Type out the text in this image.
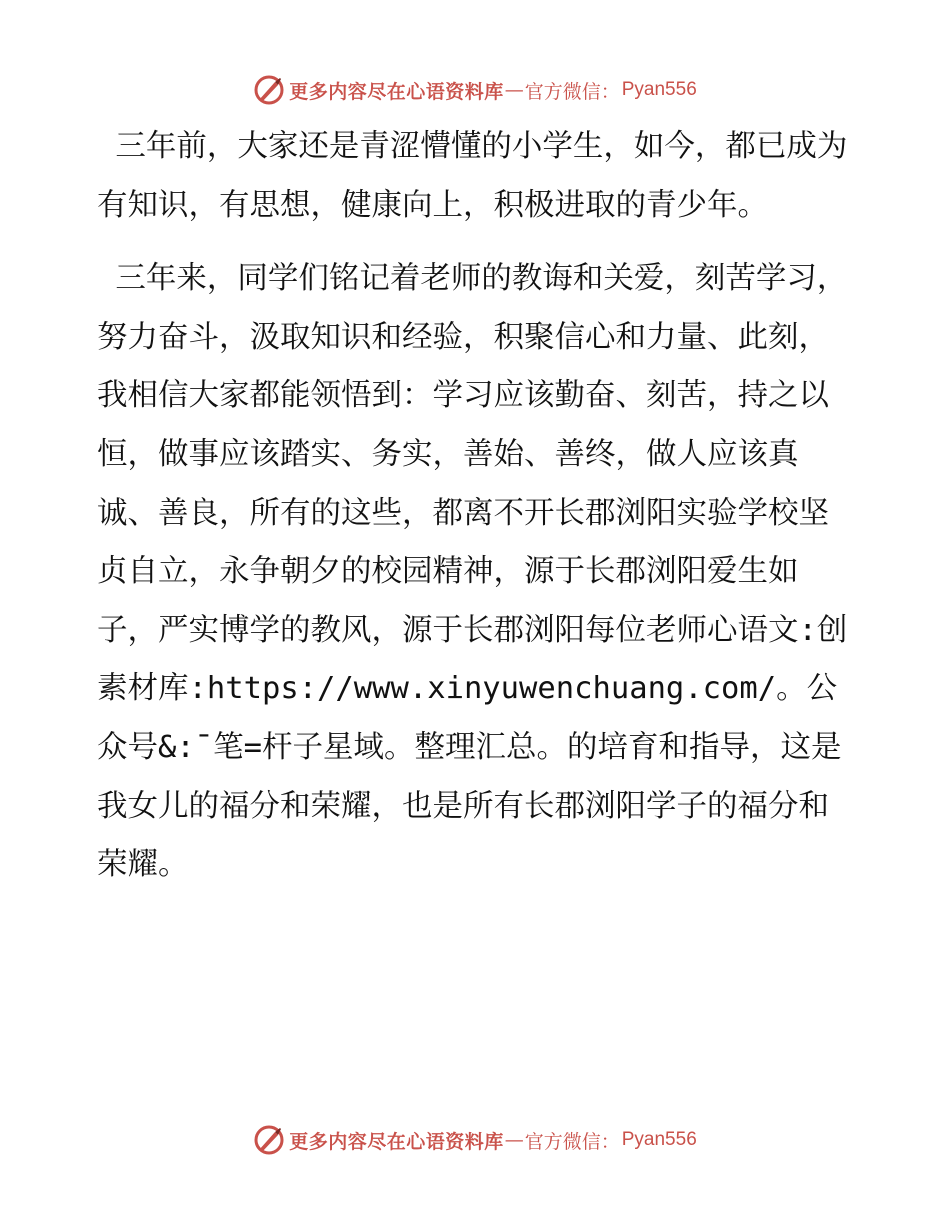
更多内容尽在心语资料库 — 官方微信： Pyan556

三年前，大家还是青涩懵懂的小学生，如今，都已成为有知识，有思想，健康向上，积极进取的青少年。

三年来，同学们铭记着老师的教诲和关爱，刻苦学习，努力奋斗，汲取知识和经验，积聚信心和力量、此刻，我相信大家都能领悟到：学习应该勤奋、刻苦，持之以恒，做事应该踏实、务实，善始、善终，做人应该真诚、善良，所有的这些，都离不开长郡浏阳实验学校坚贞自立，永争朝夕的校园精神，源于长郡浏阳爱生如子，严实博学的教风，源于长郡浏阳每位老师心语文:创素材库:https://www.xinyuwenchuang.com/。公众号&:¯笔=杆子星域。整理汇总。的培育和指导，这是我女儿的福分和荣耀，也是所有长郡浏阳学子的福分和荣耀。

更多内容尽在心语资料库 — 官方微信： Pyan556
